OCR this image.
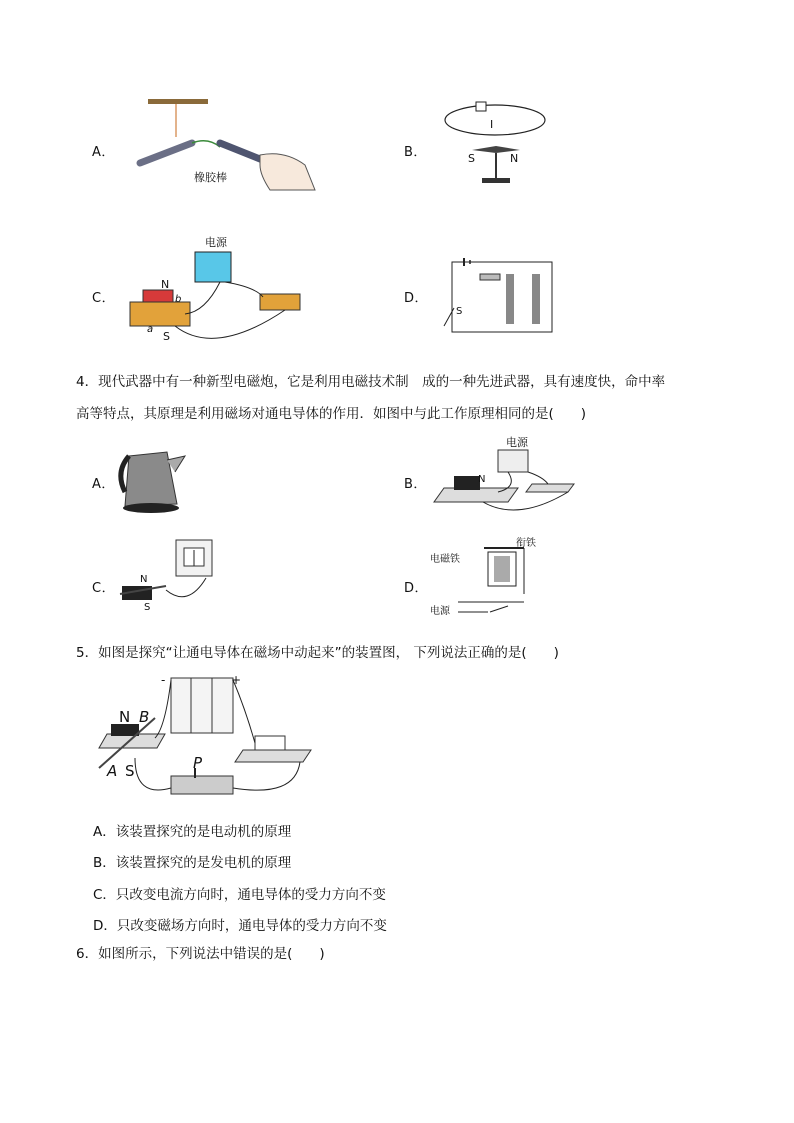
A．
橡胶棒
B．
I
S	N
C．
电源
N
S
a
b	D．
S
4．现代武器中有一种新型电磁炮，它是利用电磁技术制　成的一种先进武器，具有速度快，命中率
高等特点，其原理是利用磁场对通电导体的作用．如图中与此工作原理相同的是(　　)
A．	B．
电源
N
C．
N
S
D．
衔铁
电磁铁
电源
5．如图是探究“让通电导体在磁场中动起来”的装置图， 下列说法正确的是(　　)
-	+
N B
A S	P
A．该装置探究的是电动机的原理
B．该装置探究的是发电机的原理
C．只改变电流方向时，通电导体的受力方向不变
D．只改变磁场方向时，通电导体的受力方向不变
6．如图所示，下列说法中错误的是(　　)
